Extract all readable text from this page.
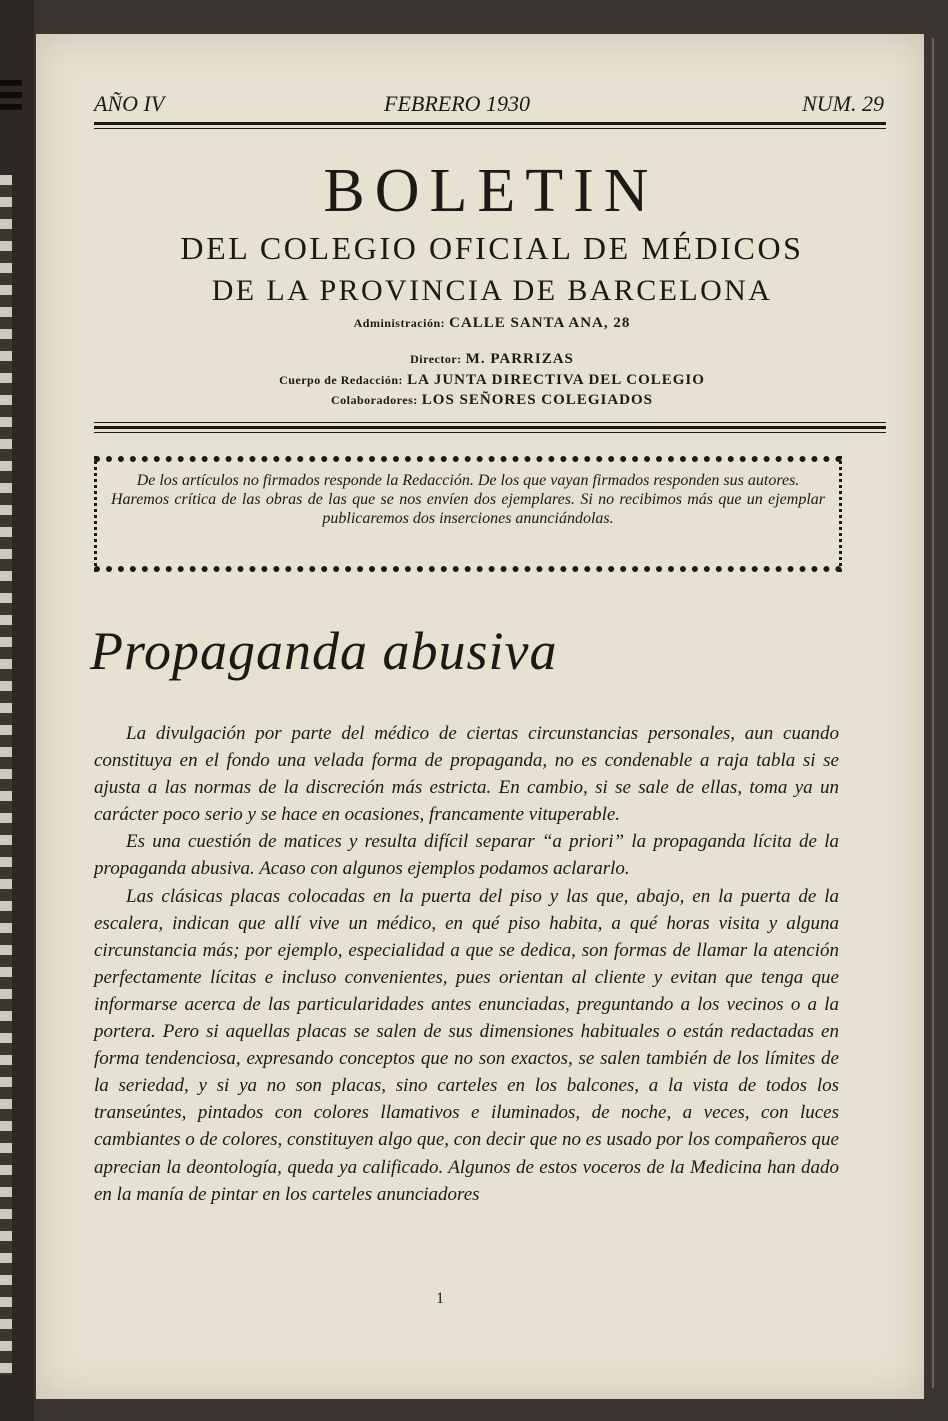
AÑO IV	FEBRERO 1930	NUM. 29
BOLETIN
DEL COLEGIO OFICIAL DE MÉDICOS
DE LA PROVINCIA DE BARCELONA
Administración: CALLE SANTA ANA, 28
Director: M. PARRIZAS
Cuerpo de Redacción: LA JUNTA DIRECTIVA DEL COLEGIO
Colaboradores: LOS SEÑORES COLEGIADOS

De los artículos no firmados responde la Redacción. De los que vayan firmados responden sus autores.

Haremos crítica de las obras de las que se nos envíen dos ejemplares. Si no recibimos más que un ejemplar publicaremos dos inserciones anunciándolas.

Propaganda abusiva

La divulgación por parte del médico de ciertas circunstancias personales, aun cuando constituya en el fondo una velada forma de propaganda, no es condenable a raja tabla si se ajusta a las normas de la discreción más estricta. En cambio, si se sale de ellas, toma ya un carácter poco serio y se hace en ocasiones, francamente vituperable.

Es una cuestión de matices y resulta difícil separar “a priori” la propaganda lícita de la propaganda abusiva. Acaso con algunos ejemplos podamos aclararlo.

Las clásicas placas colocadas en la puerta del piso y las que, abajo, en la puerta de la escalera, indican que allí vive un médico, en qué piso habita, a qué horas visita y alguna circunstancia más; por ejemplo, especialidad a que se dedica, son formas de llamar la atención perfectamente lícitas e incluso convenientes, pues orientan al cliente y evitan que tenga que informarse acerca de las particularidades antes enunciadas, preguntando a los vecinos o a la portera. Pero si aquellas placas se salen de sus dimensiones habituales o están redactadas en forma tendenciosa, expresando conceptos que no son exactos, se salen también de los límites de la seriedad, y si ya no son placas, sino carteles en los balcones, a la vista de todos los transeúntes, pintados con colores llamativos e iluminados, de noche, a veces, con luces cambiantes o de colores, constituyen algo que, con decir que no es usado por los compañeros que aprecian la deontología, queda ya calificado. Algunos de estos voceros de la Medicina han dado en la manía de pintar en los carteles anunciadores

1
